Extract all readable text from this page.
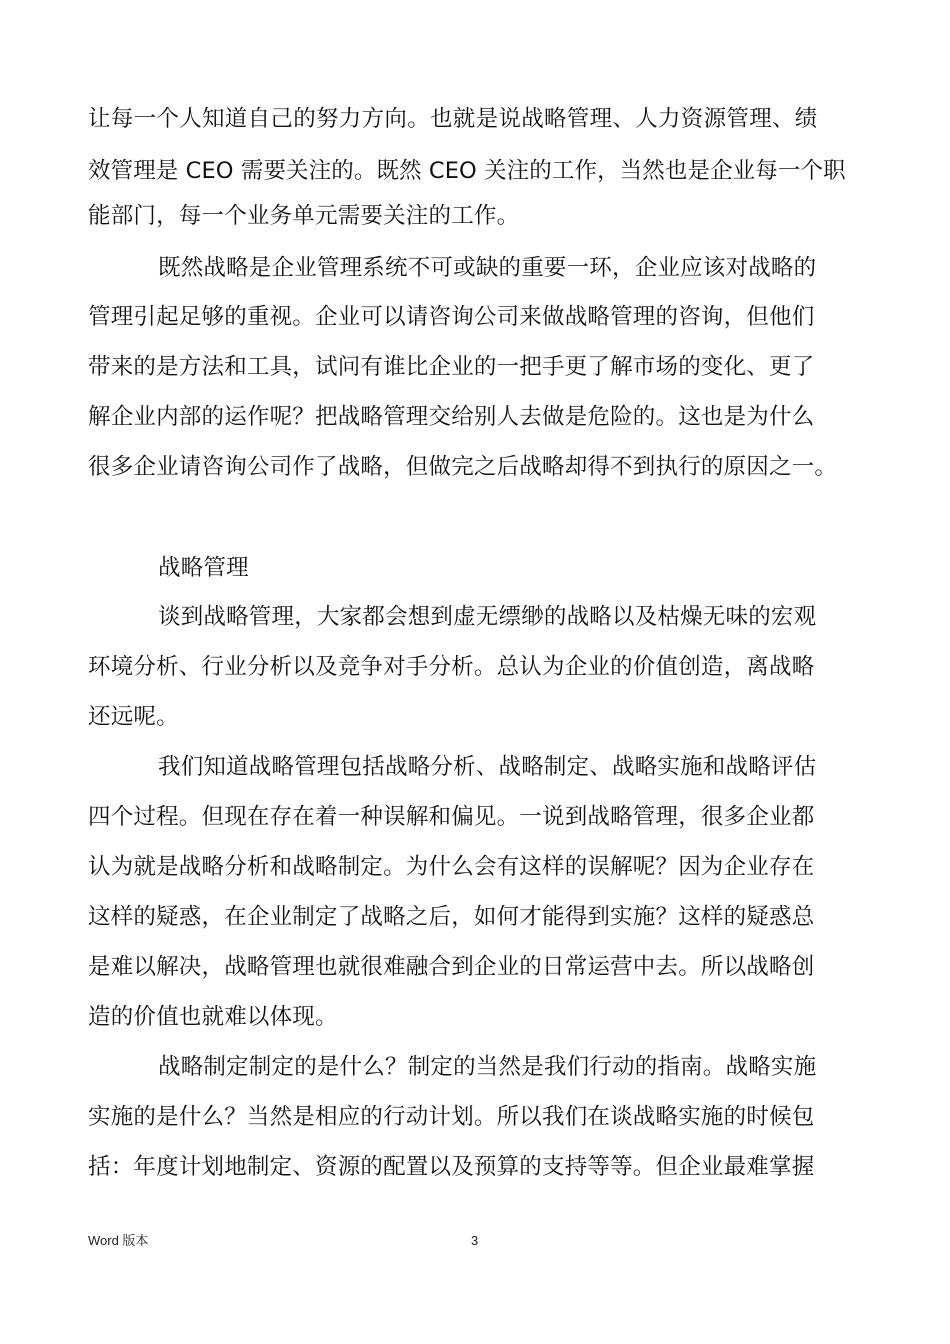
让每一个人知道自己的努力方向。也就是说战略管理、人力资源管理、绩
效管理是 CEO 需要关注的。既然 CEO 关注的工作，当然也是企业每一个职
能部门，每一个业务单元需要关注的工作。
既然战略是企业管理系统不可或缺的重要一环，企业应该对战略的
管理引起足够的重视。企业可以请咨询公司来做战略管理的咨询，但他们
带来的是方法和工具，试问有谁比企业的一把手更了解市场的变化、更了
解企业内部的运作呢？把战略管理交给别人去做是危险的。这也是为什么
很多企业请咨询公司作了战略，但做完之后战略却得不到执行的原因之一。
战略管理
谈到战略管理，大家都会想到虚无缥缈的战略以及枯燥无味的宏观
环境分析、行业分析以及竞争对手分析。总认为企业的价值创造，离战略
还远呢。
我们知道战略管理包括战略分析、战略制定、战略实施和战略评估
四个过程。但现在存在着一种误解和偏见。一说到战略管理，很多企业都
认为就是战略分析和战略制定。为什么会有这样的误解呢？因为企业存在
这样的疑惑，在企业制定了战略之后，如何才能得到实施？这样的疑惑总
是难以解决，战略管理也就很难融合到企业的日常运营中去。所以战略创
造的价值也就难以体现。
战略制定制定的是什么？制定的当然是我们行动的指南。战略实施
实施的是什么？当然是相应的行动计划。所以我们在谈战略实施的时候包
括：年度计划地制定、资源的配置以及预算的支持等等。但企业最难掌握
Word 版本	3
